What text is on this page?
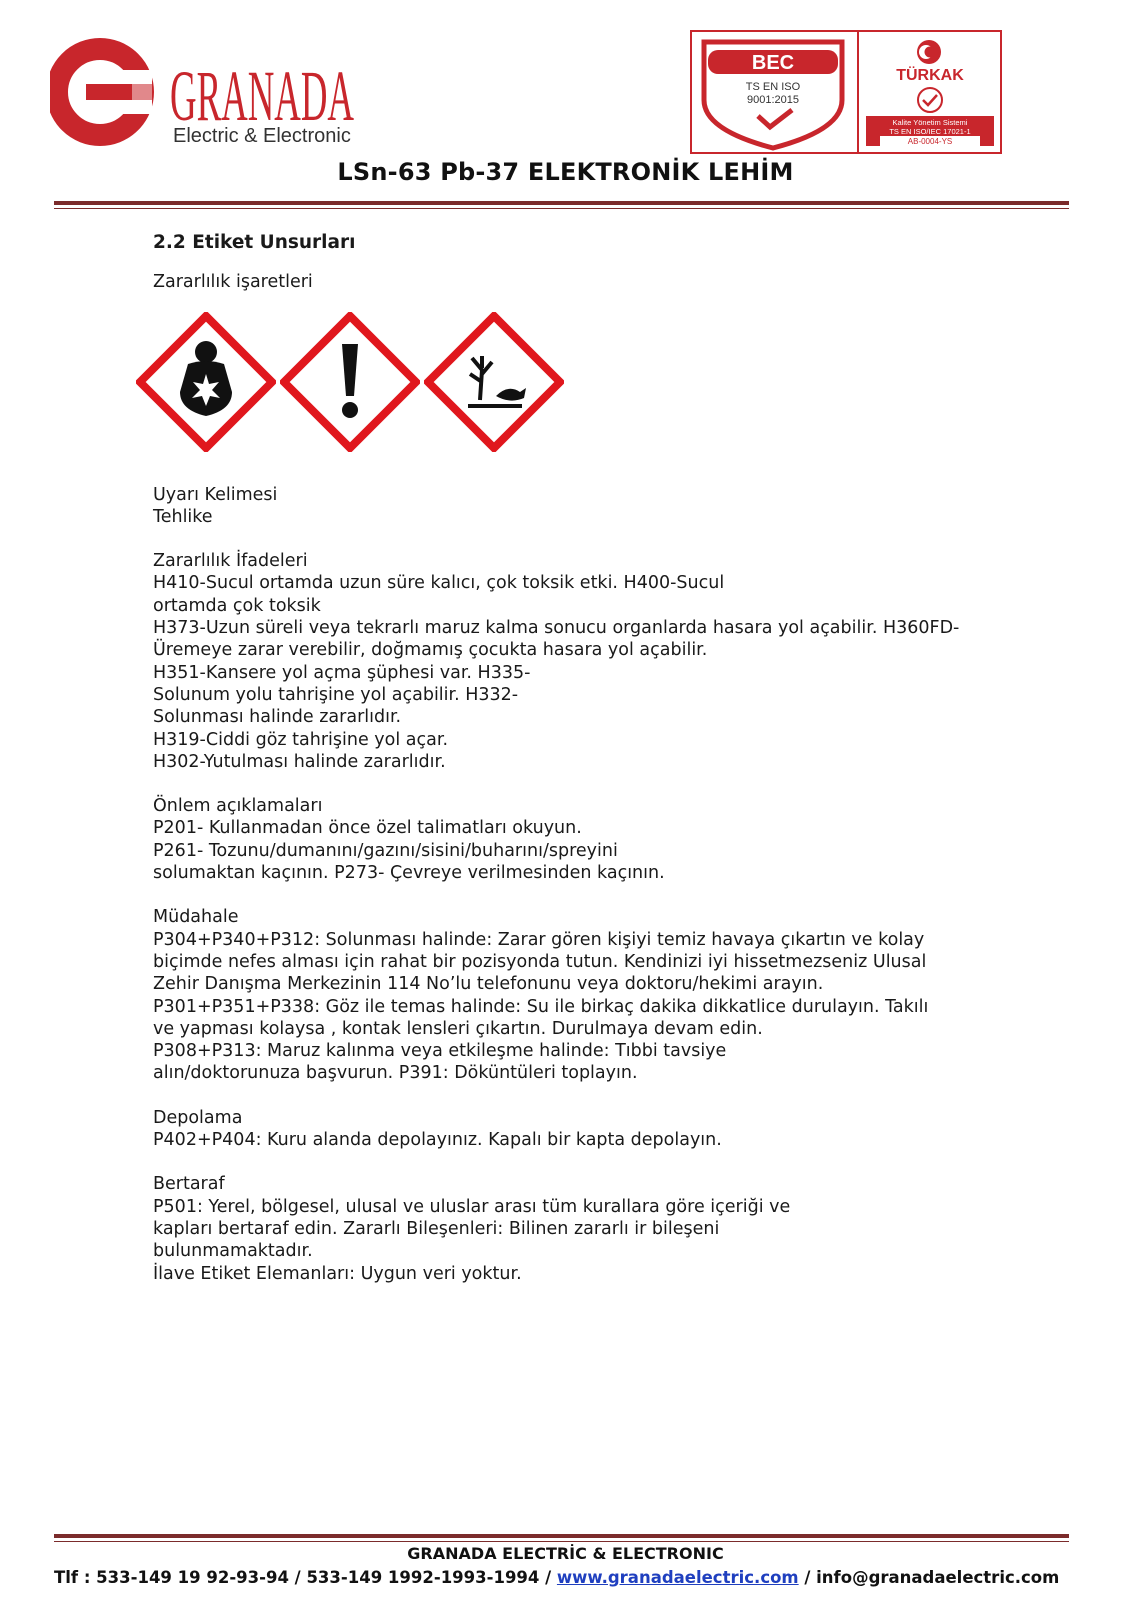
GRANADA
Electric & Electronic
BEC
TS EN ISO
9001:2015
TÜRKAK
Kalite Yönetim Sistemi
TS EN ISO/IEC 17021-1
AB-0004-YS
LSn-63 Pb-37 ELEKTRONİK LEHİM
2.2 Etiket Unsurları
Zararlılık işaretleri
Uyarı Kelimesi
Tehlike
Zararlılık İfadeleri
H410-Sucul ortamda uzun süre kalıcı, çok toksik etki. H400-Sucul
ortamda çok toksik
H373-Uzun süreli veya tekrarlı maruz kalma sonucu organlarda hasara yol açabilir. H360FD-
Üremeye zarar verebilir, doğmamış çocukta hasara yol açabilir.
H351-Kansere yol açma şüphesi var. H335-
Solunum yolu tahrişine yol açabilir. H332-
Solunması halinde zararlıdır.
H319-Ciddi göz tahrişine yol açar.
H302-Yutulması halinde zararlıdır.
Önlem açıklamaları
P201- Kullanmadan önce özel talimatları okuyun.
P261- Tozunu/dumanını/gazını/sisini/buharını/spreyini
solumaktan kaçının. P273- Çevreye verilmesinden kaçının.
Müdahale
P304+P340+P312: Solunması halinde: Zarar gören kişiyi temiz havaya çıkartın ve kolay
biçimde nefes alması için rahat bir pozisyonda tutun. Kendinizi iyi hissetmezseniz Ulusal
Zehir Danışma Merkezinin 114 No’lu telefonunu veya doktoru/hekimi arayın.
P301+P351+P338: Göz ile temas halinde: Su ile birkaç dakika dikkatlice durulayın. Takılı
ve yapması kolaysa , kontak lensleri çıkartın. Durulmaya devam edin.
P308+P313: Maruz kalınma veya etkileşme halinde: Tıbbi tavsiye
alın/doktorunuza başvurun. P391: Döküntüleri toplayın.
Depolama
P402+P404: Kuru alanda depolayınız. Kapalı bir kapta depolayın.
Bertaraf
P501: Yerel, bölgesel, ulusal ve uluslar arası tüm kurallara göre içeriği ve
kapları bertaraf edin. Zararlı Bileşenleri: Bilinen zararlı ir bileşeni
bulunmamaktadır.
İlave Etiket Elemanları: Uygun veri yoktur.
GRANADA ELECTRİC & ELECTRONIC
Tlf : 533-149 19 92-93-94 / 533-149 1992-1993-1994 / www.granadaelectric.com / info@granadaelectric.com
